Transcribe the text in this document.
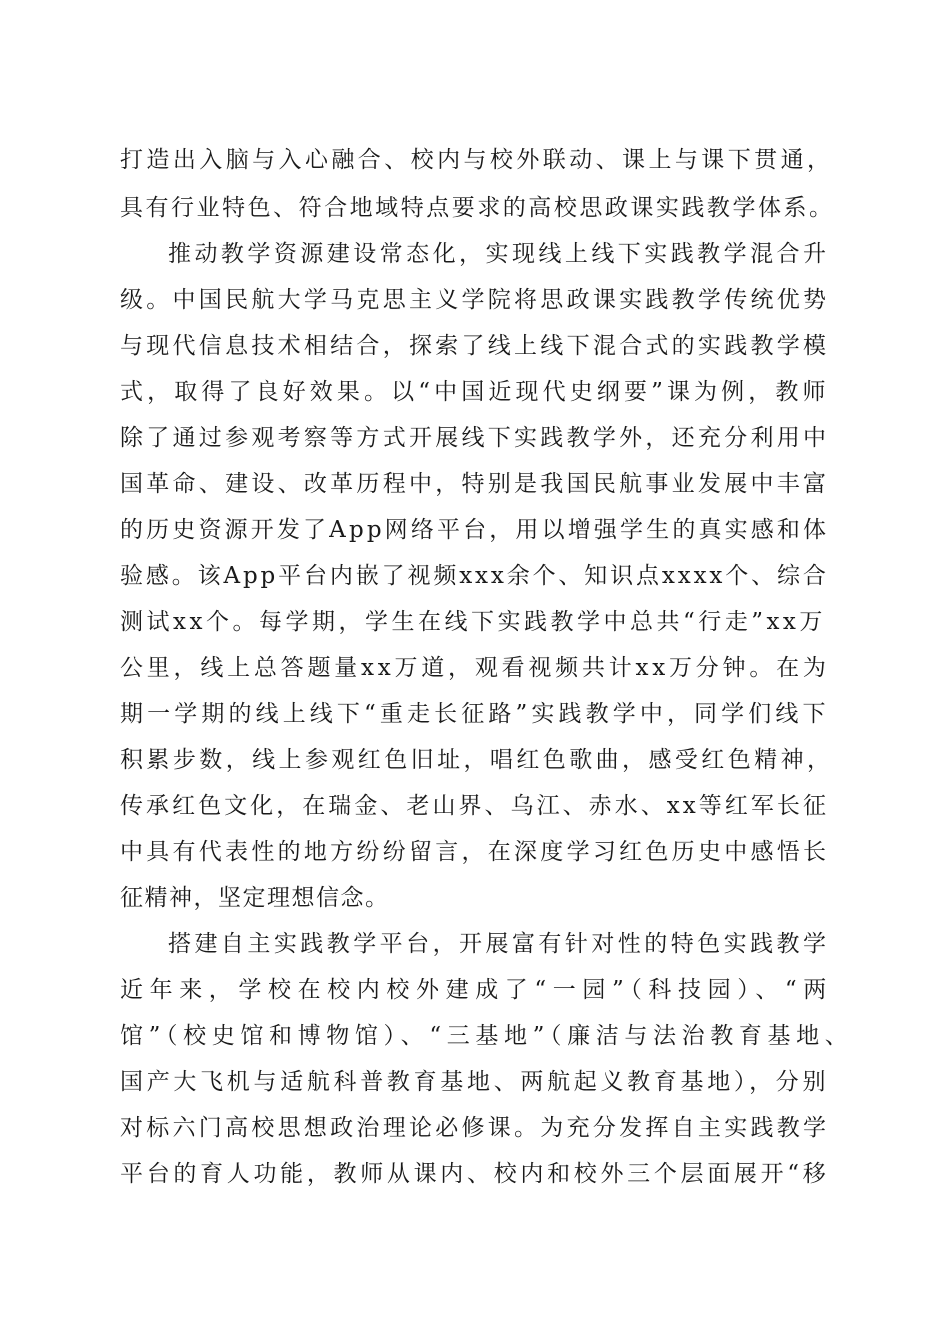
打造出入脑与入心融合、校内与校外联动、课上与课下贯通，
具有行业特色、符合地域特点要求的高校思政课实践教学体系。
推动教学资源建设常态化，实现线上线下实践教学混合升
级。中国民航大学马克思主义学院将思政课实践教学传统优势
与现代信息技术相结合，探索了线上线下混合式的实践教学模
式，取得了良好效果。以“中国近现代史纲要”课为例，教师
除了通过参观考察等方式开展线下实践教学外，还充分利用中
国革命、建设、改革历程中，特别是我国民航事业发展中丰富
的历史资源开发了App网络平台，用以增强学生的真实感和体
验感。该App平台内嵌了视频xxx余个、知识点xxxx个、综合
测试xx个。每学期，学生在线下实践教学中总共“行走”xx万
公里，线上总答题量xx万道，观看视频共计xx万分钟。在为
期一学期的线上线下“重走长征路”实践教学中，同学们线下
积累步数，线上参观红色旧址，唱红色歌曲，感受红色精神，
传承红色文化，在瑞金、老山界、乌江、赤水、xx等红军长征
中具有代表性的地方纷纷留言，在深度学习红色历史中感悟长
征精神，坚定理想信念。
搭建自主实践教学平台，开展富有针对性的特色实践教学
近年来，学校在校内校外建成了“一园”（科技园）、“两
馆”（校史馆和博物馆）、“三基地”（廉洁与法治教育基地、
国产大飞机与适航科普教育基地、两航起义教育基地），分别
对标六门高校思想政治理论必修课。为充分发挥自主实践教学
平台的育人功能，教师从课内、校内和校外三个层面展开“移
